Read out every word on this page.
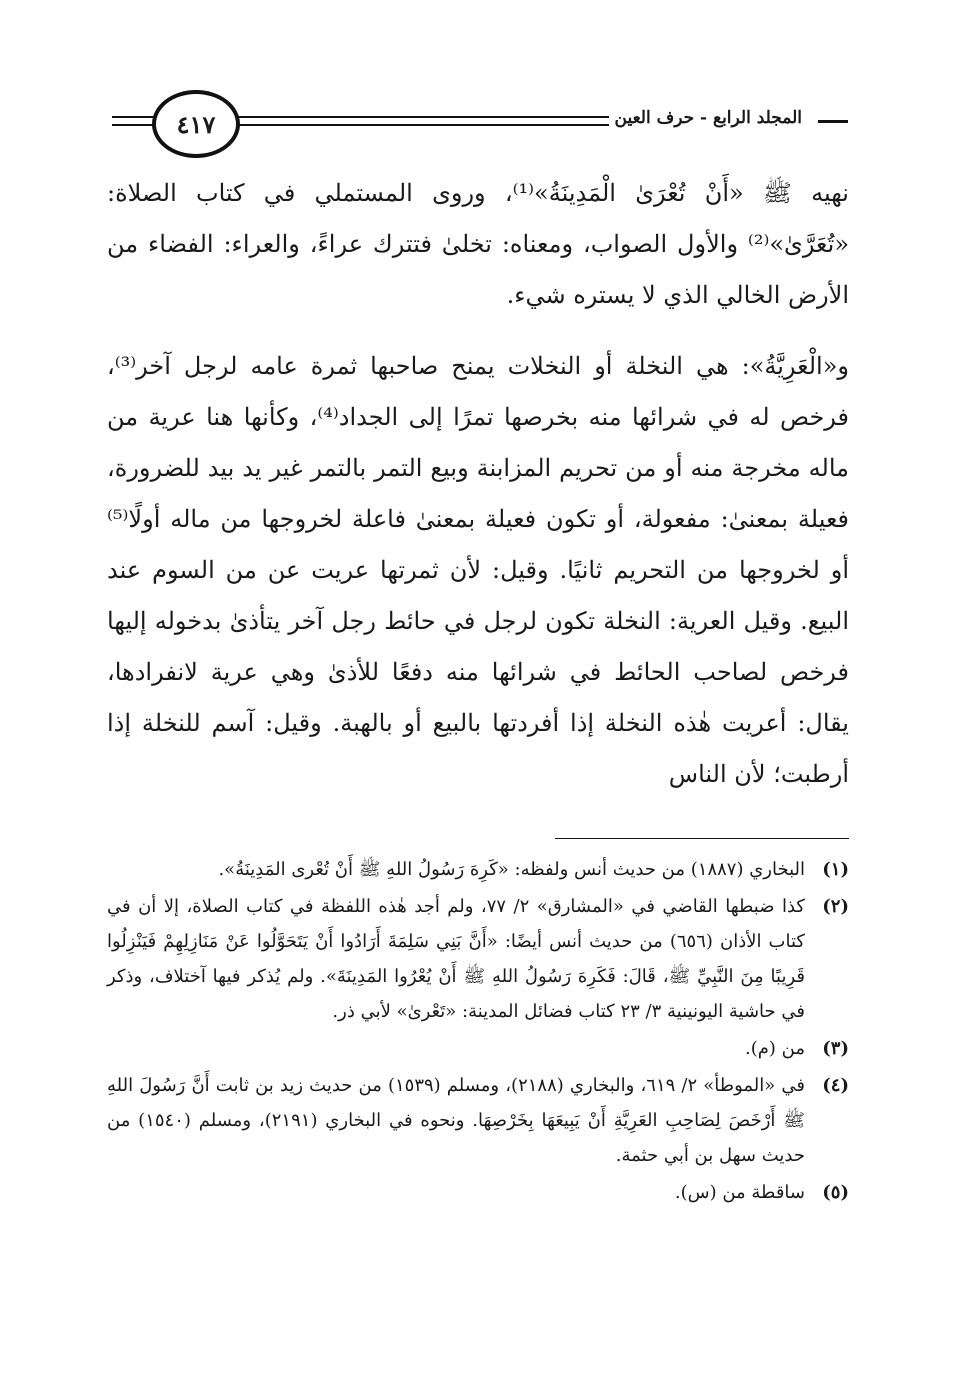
٤١٧	المجلد الرابع - حرف العين

نهيه ﷺ «أَنْ تُعْرَىٰ الْمَدِينَةُ»⁽¹⁾، وروى المستملي في كتاب الصلاة: «تُعَرَّىٰ»⁽²⁾ والأول الصواب، ومعناه: تخلىٰ فتترك عراءً، والعراء: الفضاء من الأرض الخالي الذي لا يستره شيء.

و«الْعَرِيَّةُ»: هي النخلة أو النخلات يمنح صاحبها ثمرة عامه لرجل آخر⁽³⁾، فرخص له في شرائها منه بخرصها تمرًا إلى الجداد⁽⁴⁾، وكأنها هنا عرية من ماله مخرجة منه أو من تحريم المزابنة وبيع التمر بالتمر غير يد بيد للضرورة، فعيلة بمعنىٰ: مفعولة، أو تكون فعيلة بمعنىٰ فاعلة لخروجها من ماله أولًا⁽⁵⁾ أو لخروجها من التحريم ثانيًا. وقيل: لأن ثمرتها عريت عن من السوم عند البيع. وقيل العرية: النخلة تكون لرجل في حائط رجل آخر يتأذىٰ بدخوله إليها فرخص لصاحب الحائط في شرائها منه دفعًا للأذىٰ وهي عرية لانفرادها، يقال: أعريت هٰذه النخلة إذا أفردتها بالبيع أو بالهبة. وقيل: آسم للنخلة إذا أرطبت؛ لأن الناس

(١)
البخاري (١٨٨٧) من حديث أنس ولفظه: «كَرِهَ رَسُولُ اللهِ ﷺ أَنْ تُعْرى المَدِينَةُ».
(٢)
كذا ضبطها القاضي في «المشارق» ٢/ ٧٧، ولم أجد هٰذه اللفظة في كتاب الصلاة، إلا أن في كتاب الأذان (٦٥٦) من حديث أنس أيضًا: «أَنَّ بَنِي سَلِمَةَ أَرَادُوا أَنْ يَتَحَوَّلُوا عَنْ مَنَازِلِهِمْ فَيَنْزِلُوا قَرِيبًا مِنَ النَّبِيِّ ﷺ، قَالَ: فَكَرِهَ رَسُولُ اللهِ ﷺ أَنْ يُعْرُوا المَدِينَةَ». ولم يُذكر فيها آختلاف، وذكر في حاشية اليونينية ٣/ ٢٣ كتاب فضائل المدينة: «تَعْرىٰ» لأبي ذر.
(٣)
من (م).
(٤)
في «الموطأ» ٢/ ٦١٩، والبخاري (٢١٨٨)، ومسلم (١٥٣٩) من حديث زيد بن ثابت أَنَّ رَسُولَ اللهِ ﷺ أَرْخَصَ لِصَاحِبِ العَرِيَّةِ أَنْ يَبِيعَهَا بِخَرْصِهَا. ونحوه في البخاري (٢١٩١)، ومسلم (١٥٤٠) من حديث سهل بن أبي حثمة.
(٥)
ساقطة من (س).
